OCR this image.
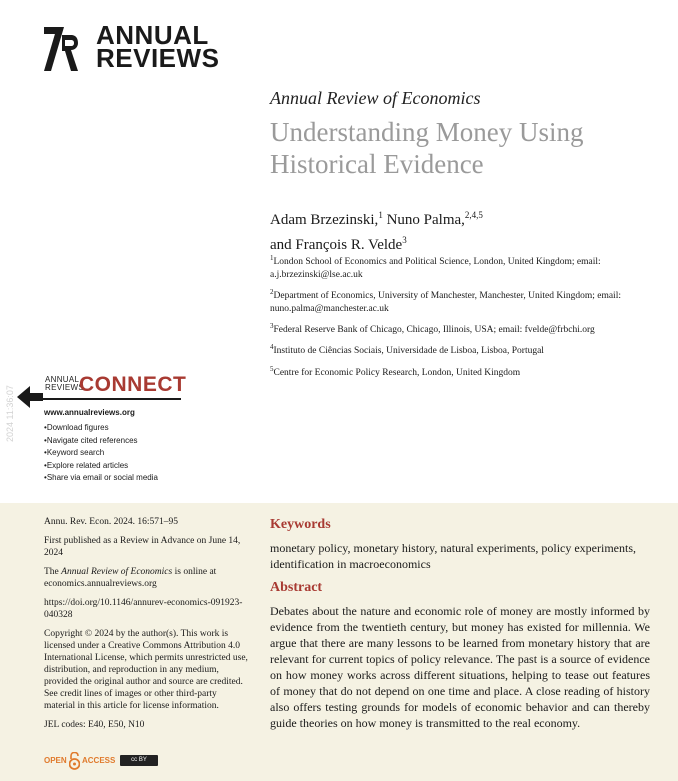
ANNUAL
REVIEWS
Annual Review of Economics
Understanding Money Using Historical Evidence
Adam Brzezinski,$^1$ Nuno Palma,$^{2,4,5}$
and François R. Velde$^3$
$^1$London School of Economics and Political Science, London, United Kingdom; email: a.j.brzezinski@lse.ac.uk
$^2$Department of Economics, University of Manchester, Manchester, United Kingdom; email: nuno.palma@manchester.ac.uk
$^3$Federal Reserve Bank of Chicago, Chicago, Illinois, USA; email: fvelde@frbchi.org
$^4$Instituto de Ciências Sociais, Universidade de Lisboa, Lisboa, Portugal
$^5$Centre for Economic Policy Research, London, United Kingdom
2024 11:36:07
ANNUAL
REVIEWS
CONNECT
www.annualreviews.org
• Download figures
• Navigate cited references
• Keyword search
• Explore related articles
• Share via email or social media

Annu. Rev. Econ. 2024. 16:571–95

First published as a Review in Advance on June 14, 2024

The Annual Review of Economics is online at economics.annualreviews.org

https://doi.org/10.1146/annurev-economics-091923-040328

Copyright © 2024 by the author(s). This work is licensed under a Creative Commons Attribution 4.0 International License, which permits unrestricted use, distribution, and reproduction in any medium, provided the original author and source are credited. See credit lines of images or other third-party material in this article for license information.

JEL codes: E40, E50, N10

OPEN ACCESS	cc BY
Keywords
monetary policy, monetary history, natural experiments, policy experiments, identification in macroeconomics
Abstract
Debates about the nature and economic role of money are mostly informed by evidence from the twentieth century, but money has existed for millennia. We argue that there are many lessons to be learned from monetary history that are relevant for current topics of policy relevance. The past is a source of evidence on how money works across different situations, helping to tease out features of money that do not depend on one time and place. A close reading of history also offers testing grounds for models of economic behavior and can thereby guide theories on how money is transmitted to the real economy.
